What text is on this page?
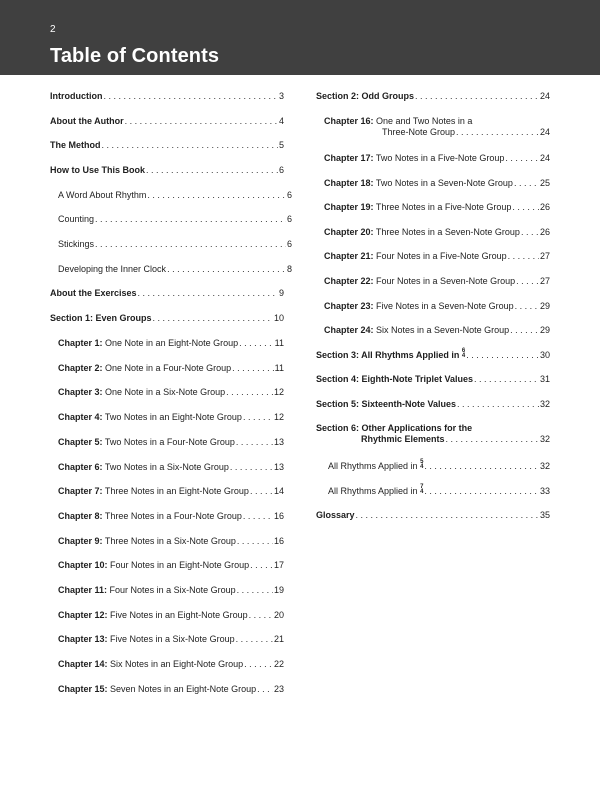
2
Table of Contents
Introduction . . .	3
About the Author . . .	4
The Method . . .	5
How to Use This Book . . .	6
A Word About Rhythm . . .	6
Counting . . .	6
Stickings . . .	6
Developing the Inner Clock . . .	8
About the Exercises . . .	9
Section 1: Even Groups . . .	10
Chapter 1: One Note in an Eight-Note Group . . .	11
Chapter 2: One Note in a Four-Note Group . . .	11
Chapter 3: One Note in a Six-Note Group . . .	12
Chapter 4: Two Notes in an Eight-Note Group . . .	12
Chapter 5: Two Notes in a Four-Note Group . . .	13
Chapter 6: Two Notes in a Six-Note Group . . .	13
Chapter 7: Three Notes in an Eight-Note Group . . .	14
Chapter 8: Three Notes in a Four-Note Group . . .	16
Chapter 9: Three Notes in a Six-Note Group . . .	16
Chapter 10: Four Notes in an Eight-Note Group . . .	17
Chapter 11: Four Notes in a Six-Note Group . . .	19
Chapter 12: Five Notes in an Eight-Note Group . . .	20
Chapter 13: Five Notes in a Six-Note Group . . .	21
Chapter 14: Six Notes in an Eight-Note Group . . .	22
Chapter 15: Seven Notes in an Eight-Note Group . . . 23
Section 2: Odd Groups . . .	24
Chapter 16: One and Two Notes in a
Three-Note Group . . .	24
Chapter 17: Two Notes in a Five-Note Group . . .	24
Chapter 18: Two Notes in a Seven-Note Group . . .	25
Chapter 19: Three Notes in a Five-Note Group . . .	26
Chapter 20: Three Notes in a Seven-Note Group . . . 26
Chapter 21: Four Notes in a Five-Note Group . . .	27
Chapter 22: Four Notes in a Seven-Note Group . . .	27
Chapter 23: Five Notes in a Seven-Note Group . . .	29
Chapter 24: Six Notes in a Seven-Note Group . . .	29
Section 3: All Rhythms Applied in 6
4 . . .	30
Section 4: Eighth-Note Triplet Values . . .	31
Section 5: Sixteenth-Note Values . . .	32
Section 6: Other Applications for the
Rhythmic Elements . . .	32
All Rhythms Applied in 5
4 . . .	32
All Rhythms Applied in 7
4 . . .	33
Glossary . . .	35
